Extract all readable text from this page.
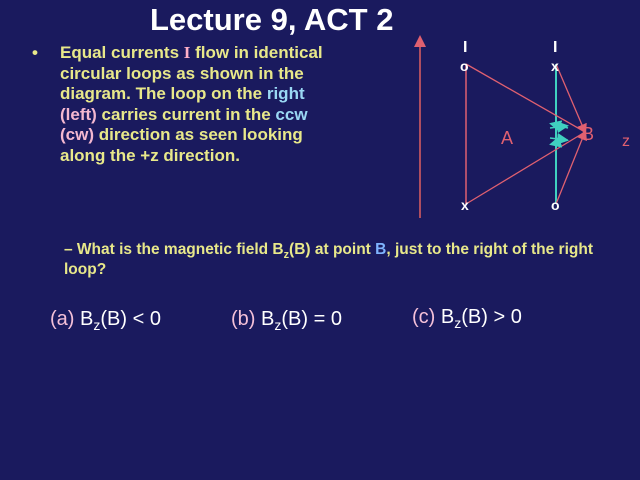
Lecture 9, ACT 2
• Equal currents I flow in identical
circular loops as shown in the
diagram. The loop on the right
(left) carries current in the ccw
(cw) direction as seen looking
along the +z direction.
I	I
o	x
x	o
A	B z
– What is the magnetic field $B_z(B)$ at point B, just to the right of the right loop?
(a) $B_z(B) < 0$	(b) $B_z(B) = 0$	(c) $B_z(B) > 0$
